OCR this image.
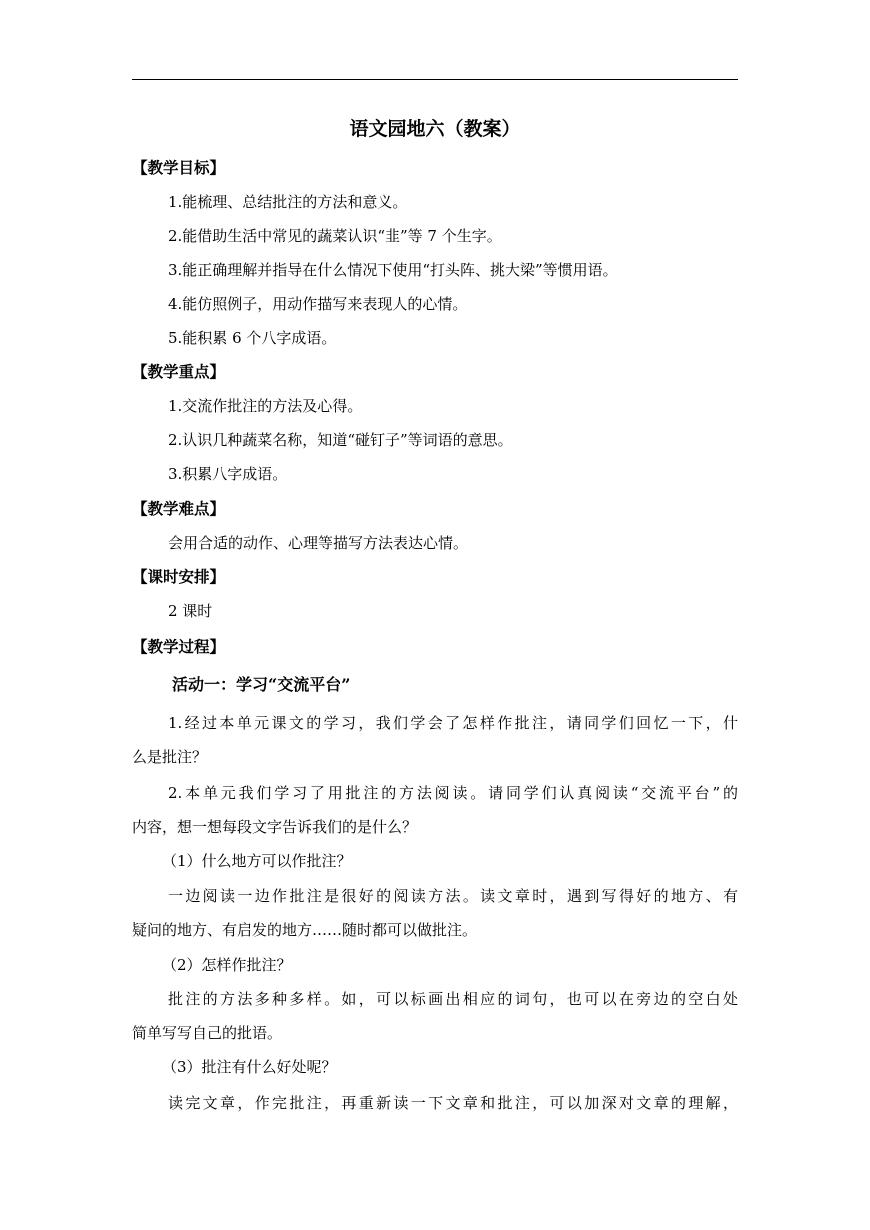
语文园地六（教案）
【教学目标】
1.能梳理、总结批注的方法和意义。
2.能借助生活中常见的蔬菜认识“韭”等 7 个生字。
3.能正确理解并指导在什么情况下使用“打头阵、挑大梁”等惯用语。
4.能仿照例子，用动作描写来表现人的心情。
5.能积累 6 个八字成语。
【教学重点】
1.交流作批注的方法及心得。
2.认识几种蔬菜名称，知道“碰钉子”等词语的意思。
3.积累八字成语。
【教学难点】
会用合适的动作、心理等描写方法表达心情。
【课时安排】
2 课时
【教学过程】
活动一：学习“交流平台”
1.经过本单元课文的学习，我们学会了怎样作批注，请同学们回忆一下，什
么是批注？
2.本单元我们学习了用批注的方法阅读。请同学们认真阅读“交流平台”的
内容，想一想每段文字告诉我们的是什么？
（1）什么地方可以作批注？
一边阅读一边作批注是很好的阅读方法。读文章时，遇到写得好的地方、有
疑问的地方、有启发的地方……随时都可以做批注。
（2）怎样作批注？
批注的方法多种多样。如，可以标画出相应的词句，也可以在旁边的空白处
简单写写自己的批语。
（3）批注有什么好处呢？
读完文章，作完批注，再重新读一下文章和批注，可以加深对文章的理解，
